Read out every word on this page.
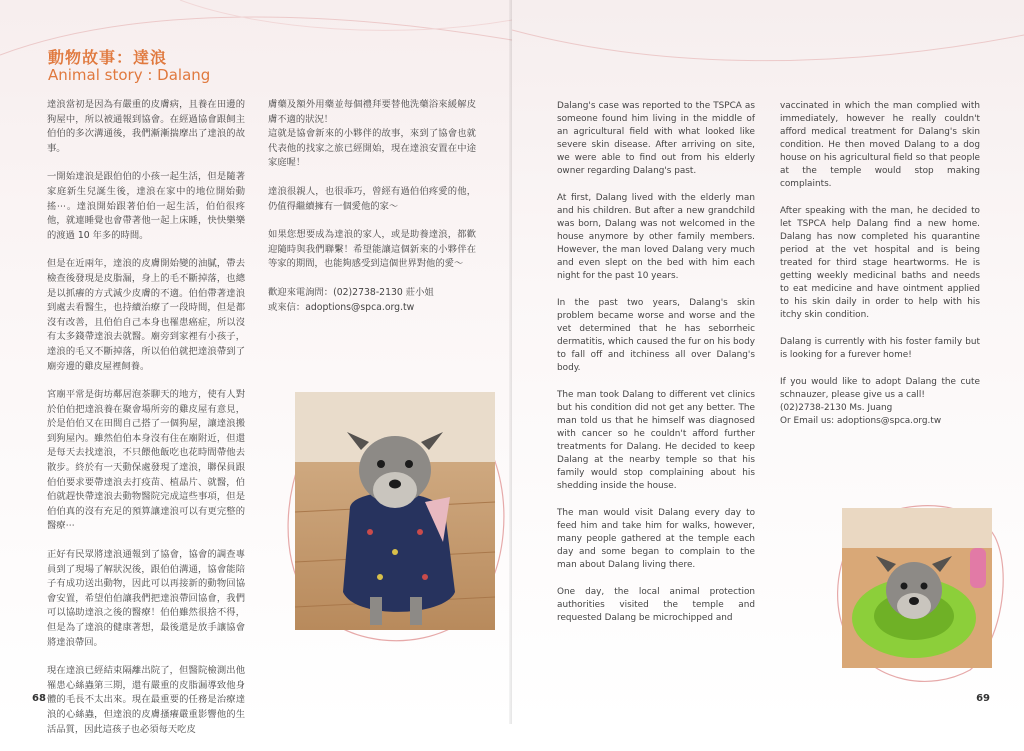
動物故事：達浪
Animal story : Dalang

達浪當初是因為有嚴重的皮膚病，且養在田邊的狗屋中，所以被通報到協會。在經過協會跟飼主伯伯的多次溝通後，我們漸漸揣摩出了達浪的故事。

一開始達浪是跟伯伯的小孩一起生活，但是隨著家庭新生兒誕生後，達浪在家中的地位開始動搖⋯。達浪開始跟著伯伯一起生活，伯伯很疼他，就連睡覺也會帶著他一起上床睡，快快樂樂的渡過 10 年多的時間。

但是在近兩年，達浪的皮膚開始變的油膩，帶去檢查後發現是皮脂漏，身上的毛不斷掉落，也總是以抓癢的方式減少皮膚的不適。伯伯帶著達浪到處去看醫生，也持續治療了一段時間，但是都沒有改善，且伯伯自己本身也罹患癌症，所以沒有太多錢帶達浪去就醫。廟旁到家裡有小孩子，達浪的毛又不斷掉落，所以伯伯就把達浪帶到了廟旁邊的雞皮屋裡飼養。

宮廟平常是街坊鄰居泡茶聊天的地方，使有人對於伯伯把達浪養在聚會場所旁的雞皮屋有意見，於是伯伯又在田間自己搭了一個狗屋，讓達浪搬到狗屋內。雖然伯伯本身沒有住在廟附近，但還是每天去找達浪，不只餵他飯吃也花時間帶他去散步。終於有一天動保處發現了達浪，聯保員跟伯伯要求要帶達浪去打疫苗、植晶片、就醫，伯伯就趕快帶達浪去動物醫院完成這些事項，但是伯伯真的沒有充足的預算讓達浪可以有更完整的醫療⋯

正好有民眾將達浪通報到了協會，協會的調查專員到了現場了解狀況後，跟伯伯溝通，協會能陪子有成功送出動物，因此可以再接新的動物回協會安置，希望伯伯讓我們把達浪帶回協會，我們可以協助達浪之後的醫療！伯伯雖然很捨不得，但是為了達浪的健康著想，最後還是放手讓協會將達浪帶回。

現在達浪已經結束隔離出院了，但醫院檢測出他罹患心絲蟲第三期，還有嚴重的皮脂漏導致他身體的毛長不太出來。現在最重要的任務是治療達浪的心絲蟲，但達浪的皮膚搔癢嚴重影響他的生活品質，因此這孩子也必須每天吃皮

膚藥及額外用藥並每個禮拜要替他洗藥浴來緩解皮膚不適的狀況！
這就是協會新來的小夥伴的故事，來到了協會也就代表他的找家之旅已經開始，現在達浪安置在中途家庭喔！

達浪很親人，也很乖巧，曾經有過伯伯疼愛的他，仍值得繼續擁有一個愛他的家～

如果您想要成為達浪的家人，或是助養達浪，都歡迎隨時與我們聯繫！希望能讓這個新來的小夥伴在等家的期間，也能夠感受到這個世界對他的愛～

歡迎來電詢問：(02)2738-2130 莊小姐
或來信：adoptions@spca.org.tw

68

Dalang's case was reported to the TSPCA as someone found him living in the middle of an agricultural field with what looked like severe skin disease. After arriving on site, we were able to find out from his elderly owner regarding Dalang's past.

At first, Dalang lived with the elderly man and his children. But after a new grandchild was born, Dalang was not welcomed in the house anymore by other family members. However, the man loved Dalang very much and even slept on the bed with him each night for the past 10 years.

In the past two years, Dalang's skin problem became worse and worse and the vet determined that he has seborrheic dermatitis, which caused the fur on his body to fall off and itchiness all over Dalang's body.

The man took Dalang to different vet clinics but his condition did not get any better. The man told us that he himself was diagnosed with cancer so he couldn't afford further treatments for Dalang. He decided to keep Dalang at the nearby temple so that his family would stop complaining about his shedding inside the house.

The man would visit Dalang every day to feed him and take him for walks, however, many people gathered at the temple each day and some began to complain to the man about Dalang living there.

One day, the local animal protection authorities visited the temple and requested Dalang be microchipped and

vaccinated in which the man complied with immediately, however he really couldn't afford medical treatment for Dalang's skin condition. He then moved Dalang to a dog house on his agricultural field so that people at the temple would stop making complaints.

After speaking with the man, he decided to let TSPCA help Dalang find a new home. Dalang has now completed his quarantine period at the vet hospital and is being treated for third stage heartworms. He is getting weekly medicinal baths and needs to eat medicine and have ointment applied to his skin daily in order to help with his itchy skin condition.

Dalang is currently with his foster family but is looking for a furever home!

If you would like to adopt Dalang the cute schnauzer, please give us a call!
(02)2738-2130 Ms. Juang
Or Email us: adoptions@spca.org.tw

69
